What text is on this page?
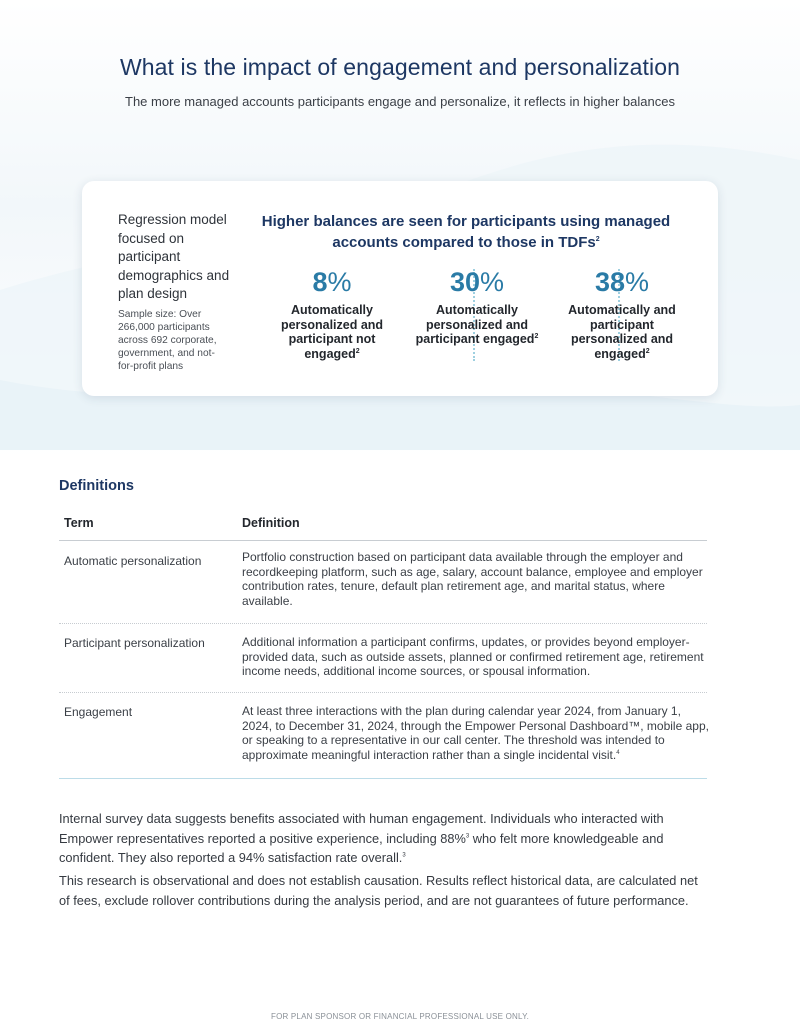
What is the impact of engagement and personalization

The more managed accounts participants engage and personalize, it reflects in higher balances

Regression model focused on participant demographics and plan design
Sample size: Over 266,000 participants across 692 corporate, government, and not-for-profit plans
Higher balances are seen for participants using managed accounts compared to those in TDFs$^2$
8%
Automatically personalized and participant not engaged$^2$
30%
Automatically personalized and participant engaged$^2$
38%
Automatically and participant personalized and engaged$^2$
Definitions
Term	Definition
Automatic personalization	Portfolio construction based on participant data available through the employer and recordkeeping platform, such as age, salary, account balance, employee and employer contribution rates, tenure, default plan retirement age, and marital status, where available.
Participant personalization	Additional information a participant confirms, updates, or provides beyond employer-provided data, such as outside assets, planned or confirmed retirement age, retirement income needs, additional income sources, or spousal information.
Engagement	At least three interactions with the plan during calendar year 2024, from January 1, 2024, to December 31, 2024, through the Empower Personal Dashboard™, mobile app, or speaking to a representative in our call center. The threshold was intended to approximate meaningful interaction rather than a single incidental visit.$^4$

Internal survey data suggests benefits associated with human engagement. Individuals who interacted with Empower representatives reported a positive experience, including 88%$^3$ who felt more knowledgeable and confident. They also reported a 94% satisfaction rate overall.$^3$

This research is observational and does not establish causation. Results reflect historical data, are calculated net of fees, exclude rollover contributions during the analysis period, and are not guarantees of future performance.

FOR PLAN SPONSOR OR FINANCIAL PROFESSIONAL USE ONLY.
